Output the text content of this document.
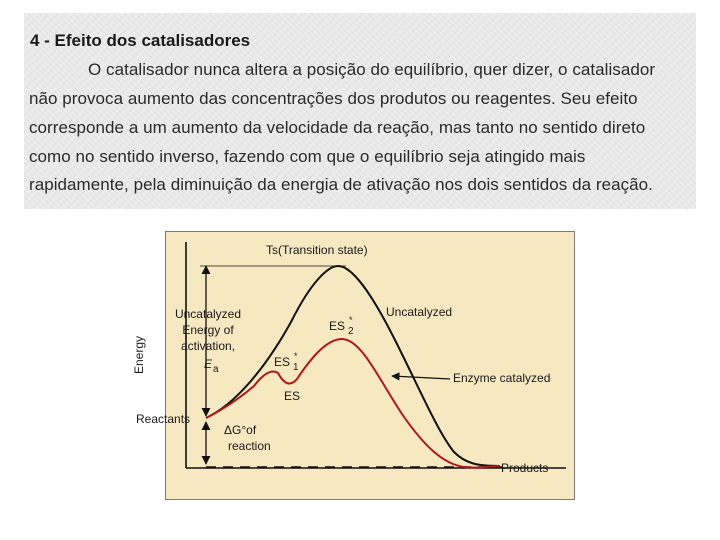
4 - Efeito dos catalisadores
O catalisador nunca altera a posição do equilíbrio, quer dizer, o catalisador
não provoca aumento das concentrações dos produtos ou reagentes. Seu efeito
corresponde a um aumento da velocidade da reação, mas tanto no sentido direto
como no sentido inverso, fazendo com que o equilíbrio seja atingido mais
rapidamente, pela diminuição da energia de ativação nos dois sentidos da reação.
Ts(Transition state)
Uncatalyzed
Enzyme catalyzed
Products
Reactants
Energy
Uncatalyzed
Energy of
activation,
E a
ES 1
*
ES
ES 2
*
ΔG°of
reaction
